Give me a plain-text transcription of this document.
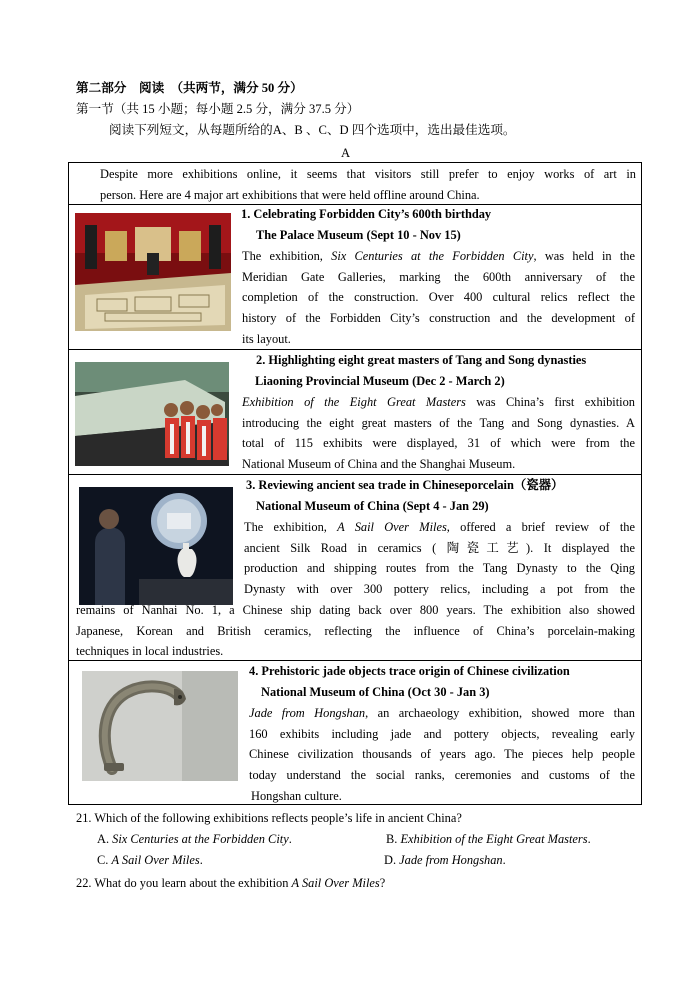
第二部分　阅读　（共两节，满分 50 分）
第一节（共 15 小题；每小题 2.5 分，满分 37.5 分）
阅读下列短文，从每题所给的A、B 、C、D 四个选项中，选出最佳选项。
A

Despite more exhibitions online, it seems that visitors still prefer to enjoy works of art in
person. Here are 4 major art exhibitions that were held offline around China.

1. Celebrating Forbidden City’s 600th birthday
The Palace Museum (Sept 10 - Nov 15)
The exhibition, Six Centuries at the Forbidden City, was held in the
Meridian Gate Galleries, marking the 600th anniversary of the
completion of the construction. Over 400 cultural relics reflect the
history of the Forbidden City’s construction and the development of
its layout.
2. Highlighting eight great masters of Tang and Song dynasties
Liaoning Provincial Museum (Dec 2 - March 2)
Exhibition of the Eight Great Masters was China’s first exhibition
introducing the eight great masters of the Tang and Song dynasties. A
total of 115 exhibits were displayed, 31 of which were from the
National Museum of China and the Shanghai Museum.
3. Reviewing ancient sea trade in Chineseporcelain（瓷器）
National Museum of China (Sept 4 - Jan 29)
The exhibition, A Sail Over Miles, offered a brief review of the
ancient Silk Road in ceramics ( 陶瓷工艺). It displayed the
production and shipping routes from the Tang Dynasty to the Qing
Dynasty with over 300 pottery relics, including a pot from the
remains of Nanhai No. 1, a Chinese ship dating back over 800 years. The exhibition also showed
Japanese, Korean and British ceramics, reflecting the influence of China’s porcelain-making
techniques in local industries.
4. Prehistoric jade objects trace origin of Chinese civilization
National Museum of China (Oct 30 - Jan 3)
Jade from Hongshan, an archaeology exhibition, showed more than
160 exhibits including jade and pottery objects, revealing early
Chinese civilization thousands of years ago. The pieces help people
today understand the social ranks, ceremonies and customs of the
Hongshan culture.
21. Which of the following exhibitions reflects people’s life in ancient China?
A. Six Centuries at the Forbidden City.	B. Exhibition of the Eight Great Masters.
C. A Sail Over Miles.	D. Jade from Hongshan.
22. What do you learn about the exhibition A Sail Over Miles?
